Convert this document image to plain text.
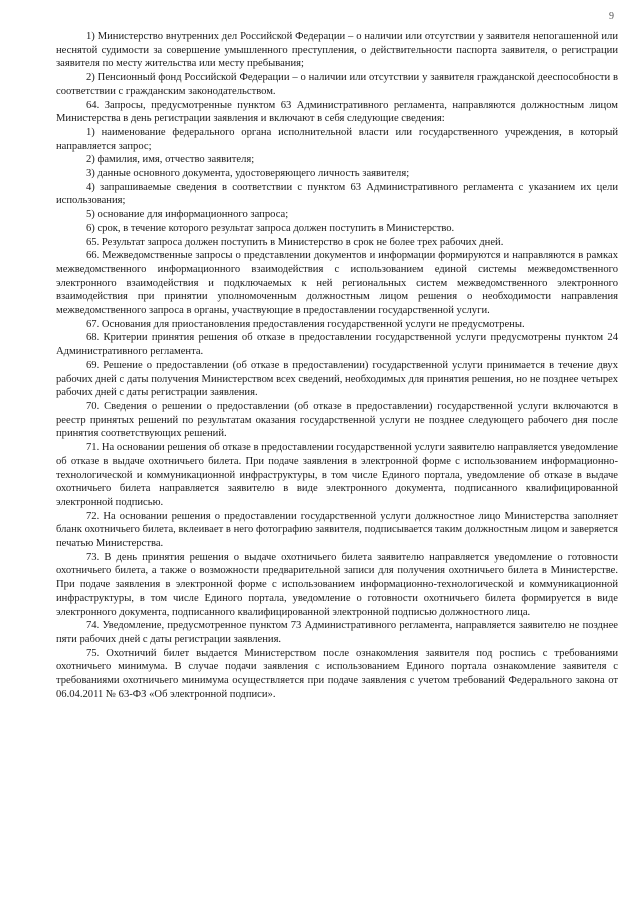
9

1) Министерство внутренних дел Российской Федерации – о наличии или отсутствии у заявителя непогашенной или неснятой судимости за совершение умышленного преступления, о действительности паспорта заявителя, о регистрации заявителя по месту жительства или месту пребывания;

2) Пенсионный фонд Российской Федерации – о наличии или отсутствии у заявителя гражданской дееспособности в соответствии с гражданским законодательством.

64. Запросы, предусмотренные пунктом 63 Административного регламента, направляются должностным лицом Министерства в день регистрации заявления и включают в себя следующие сведения:

1) наименование федерального органа исполнительной власти или государственного учреждения, в который направляется запрос;

2) фамилия, имя, отчество заявителя;

3) данные основного документа, удостоверяющего личность заявителя;

4) запрашиваемые сведения в соответствии с пунктом 63 Административного регламента с указанием их цели использования;

5) основание для информационного запроса;

6) срок, в течение которого результат запроса должен поступить в Министерство.

65. Результат запроса должен поступить в Министерство в срок не более трех рабочих дней.

66. Межведомственные запросы о представлении документов и информации формируются и направляются в рамках межведомственного информационного взаимодействия с использованием единой системы межведомственного электронного взаимодействия и подключаемых к ней региональных систем межведомственного электронного взаимодействия при принятии уполномоченным должностным лицом решения о необходимости направления межведомственного запроса в органы, участвующие в предоставлении государственной услуги.

67. Основания для приостановления предоставления государственной услуги не предусмотрены.

68. Критерии принятия решения об отказе в предоставлении государственной услуги предусмотрены пунктом 24 Административного регламента.

69. Решение о предоставлении (об отказе в предоставлении) государственной услуги принимается в течение двух рабочих дней с даты получения Министерством всех сведений, необходимых для принятия решения, но не позднее четырех рабочих дней с даты регистрации заявления.

70. Сведения о решении о предоставлении (об отказе в предоставлении) государственной услуги включаются в реестр принятых решений по результатам оказания государственной услуги не позднее следующего рабочего дня после принятия соответствующих решений.

71. На основании решения об отказе в предоставлении государственной услуги заявителю направляется уведомление об отказе в выдаче охотничьего билета. При подаче заявления в электронной форме с использованием информационно-технологической и коммуникационной инфраструктуры, в том числе Единого портала, уведомление об отказе в выдаче охотничьего билета направляется заявителю в виде электронного документа, подписанного квалифицированной электронной подписью.

72. На основании решения о предоставлении государственной услуги должностное лицо Министерства заполняет бланк охотничьего билета, вклеивает в него фотографию заявителя, подписывается таким должностным лицом и заверяется печатью Министерства.

73. В день принятия решения о выдаче охотничьего билета заявителю направляется уведомление о готовности охотничьего билета, а также о возможности предварительной записи для получения охотничьего билета в Министерстве. При подаче заявления в электронной форме с использованием информационно-технологической и коммуникационной инфраструктуры, в том числе Единого портала, уведомление о готовности охотничьего билета формируется в виде электронного документа, подписанного квалифицированной электронной подписью должностного лица.

74. Уведомление, предусмотренное пунктом 73 Административного регламента, направляется заявителю не позднее пяти рабочих дней с даты регистрации заявления.

75. Охотничий билет выдается Министерством после ознакомления заявителя под роспись с требованиями охотничьего минимума. В случае подачи заявления с использованием Единого портала ознакомление заявителя с требованиями охотничьего минимума осуществляется при подаче заявления с учетом требований Федерального закона от 06.04.2011 № 63-ФЗ «Об электронной подписи».
